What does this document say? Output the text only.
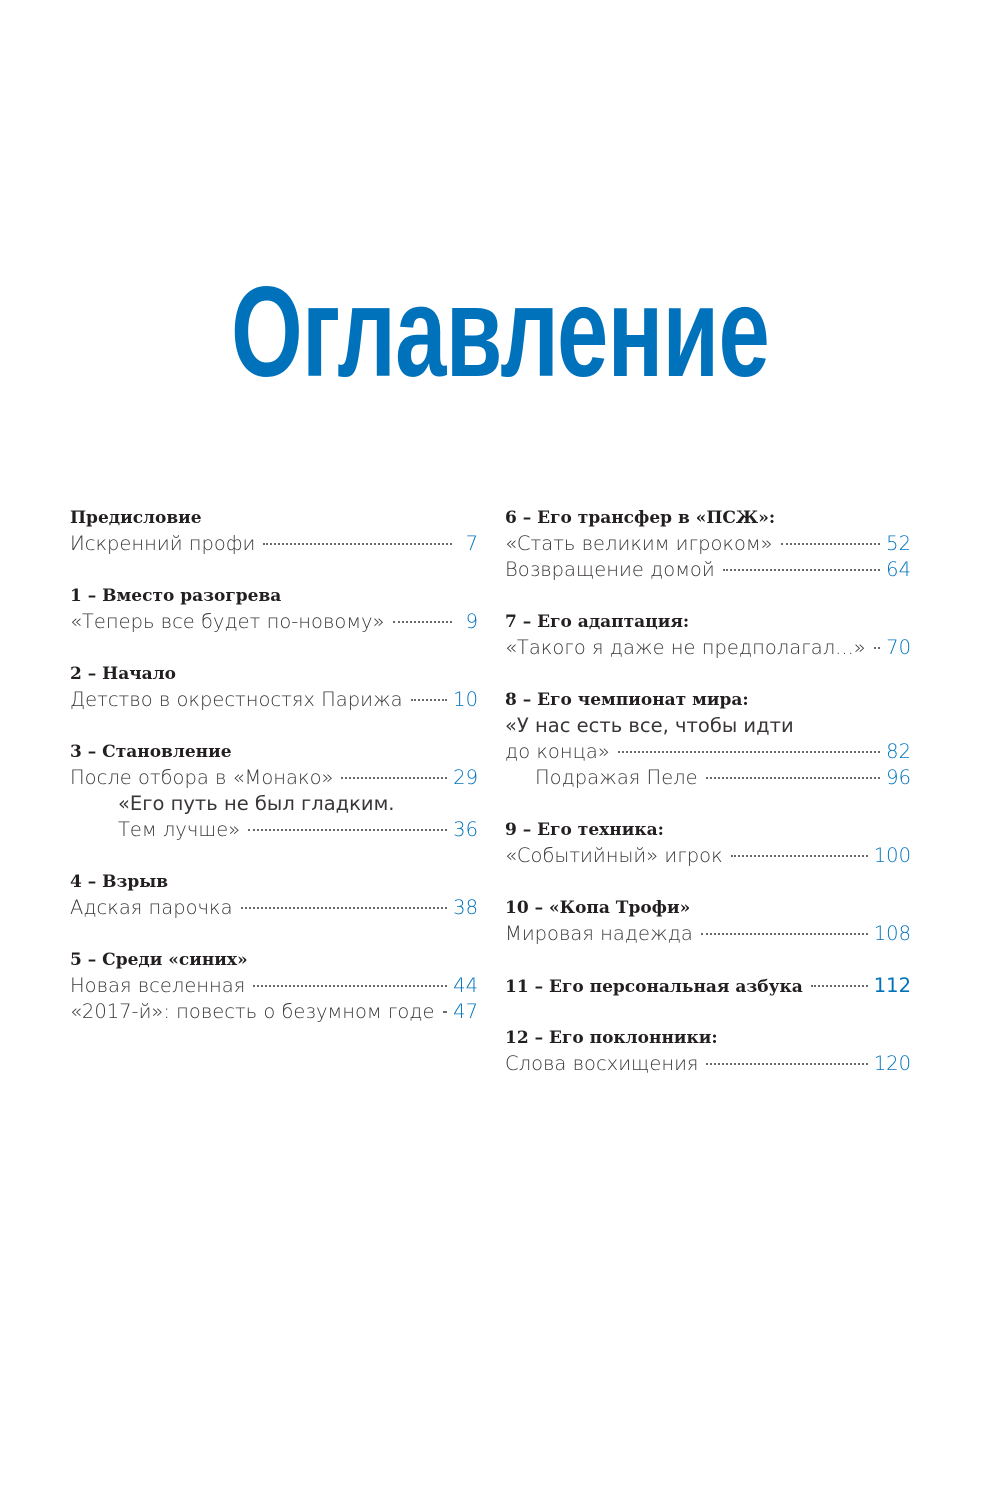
Оглавление
Предисловие
Искренний профи	7
1 – Вместо разогрева
«Теперь все будет по-новому»	9
2 – Начало
Детство в окрестностях Парижа	10
3 – Становление
После отбора в «Монако»	29
«Его путь не был гладким.
Тем лучше»	36
4 – Взрыв
Адская парочка	38
5 – Среди «синих»
Новая вселенная	44
«2017-й»: повесть о безумном годе 47
6 – Его трансфер в «ПСЖ»:
«Стать великим игроком»	52
Возвращение домой	64
7 – Его адаптация:
«Такого я даже не предполагал...» 70
8 – Его чемпионат мира:
«У нас есть все, чтобы идти
до конца»	82
Подражая Пеле	96
9 – Его техника:
«Событийный» игрок	100
10 – «Копа Трофи»
Мировая надежда	108
11 – Его персональная азбука	112
12 – Его поклонники:
Слова восхищения	120
